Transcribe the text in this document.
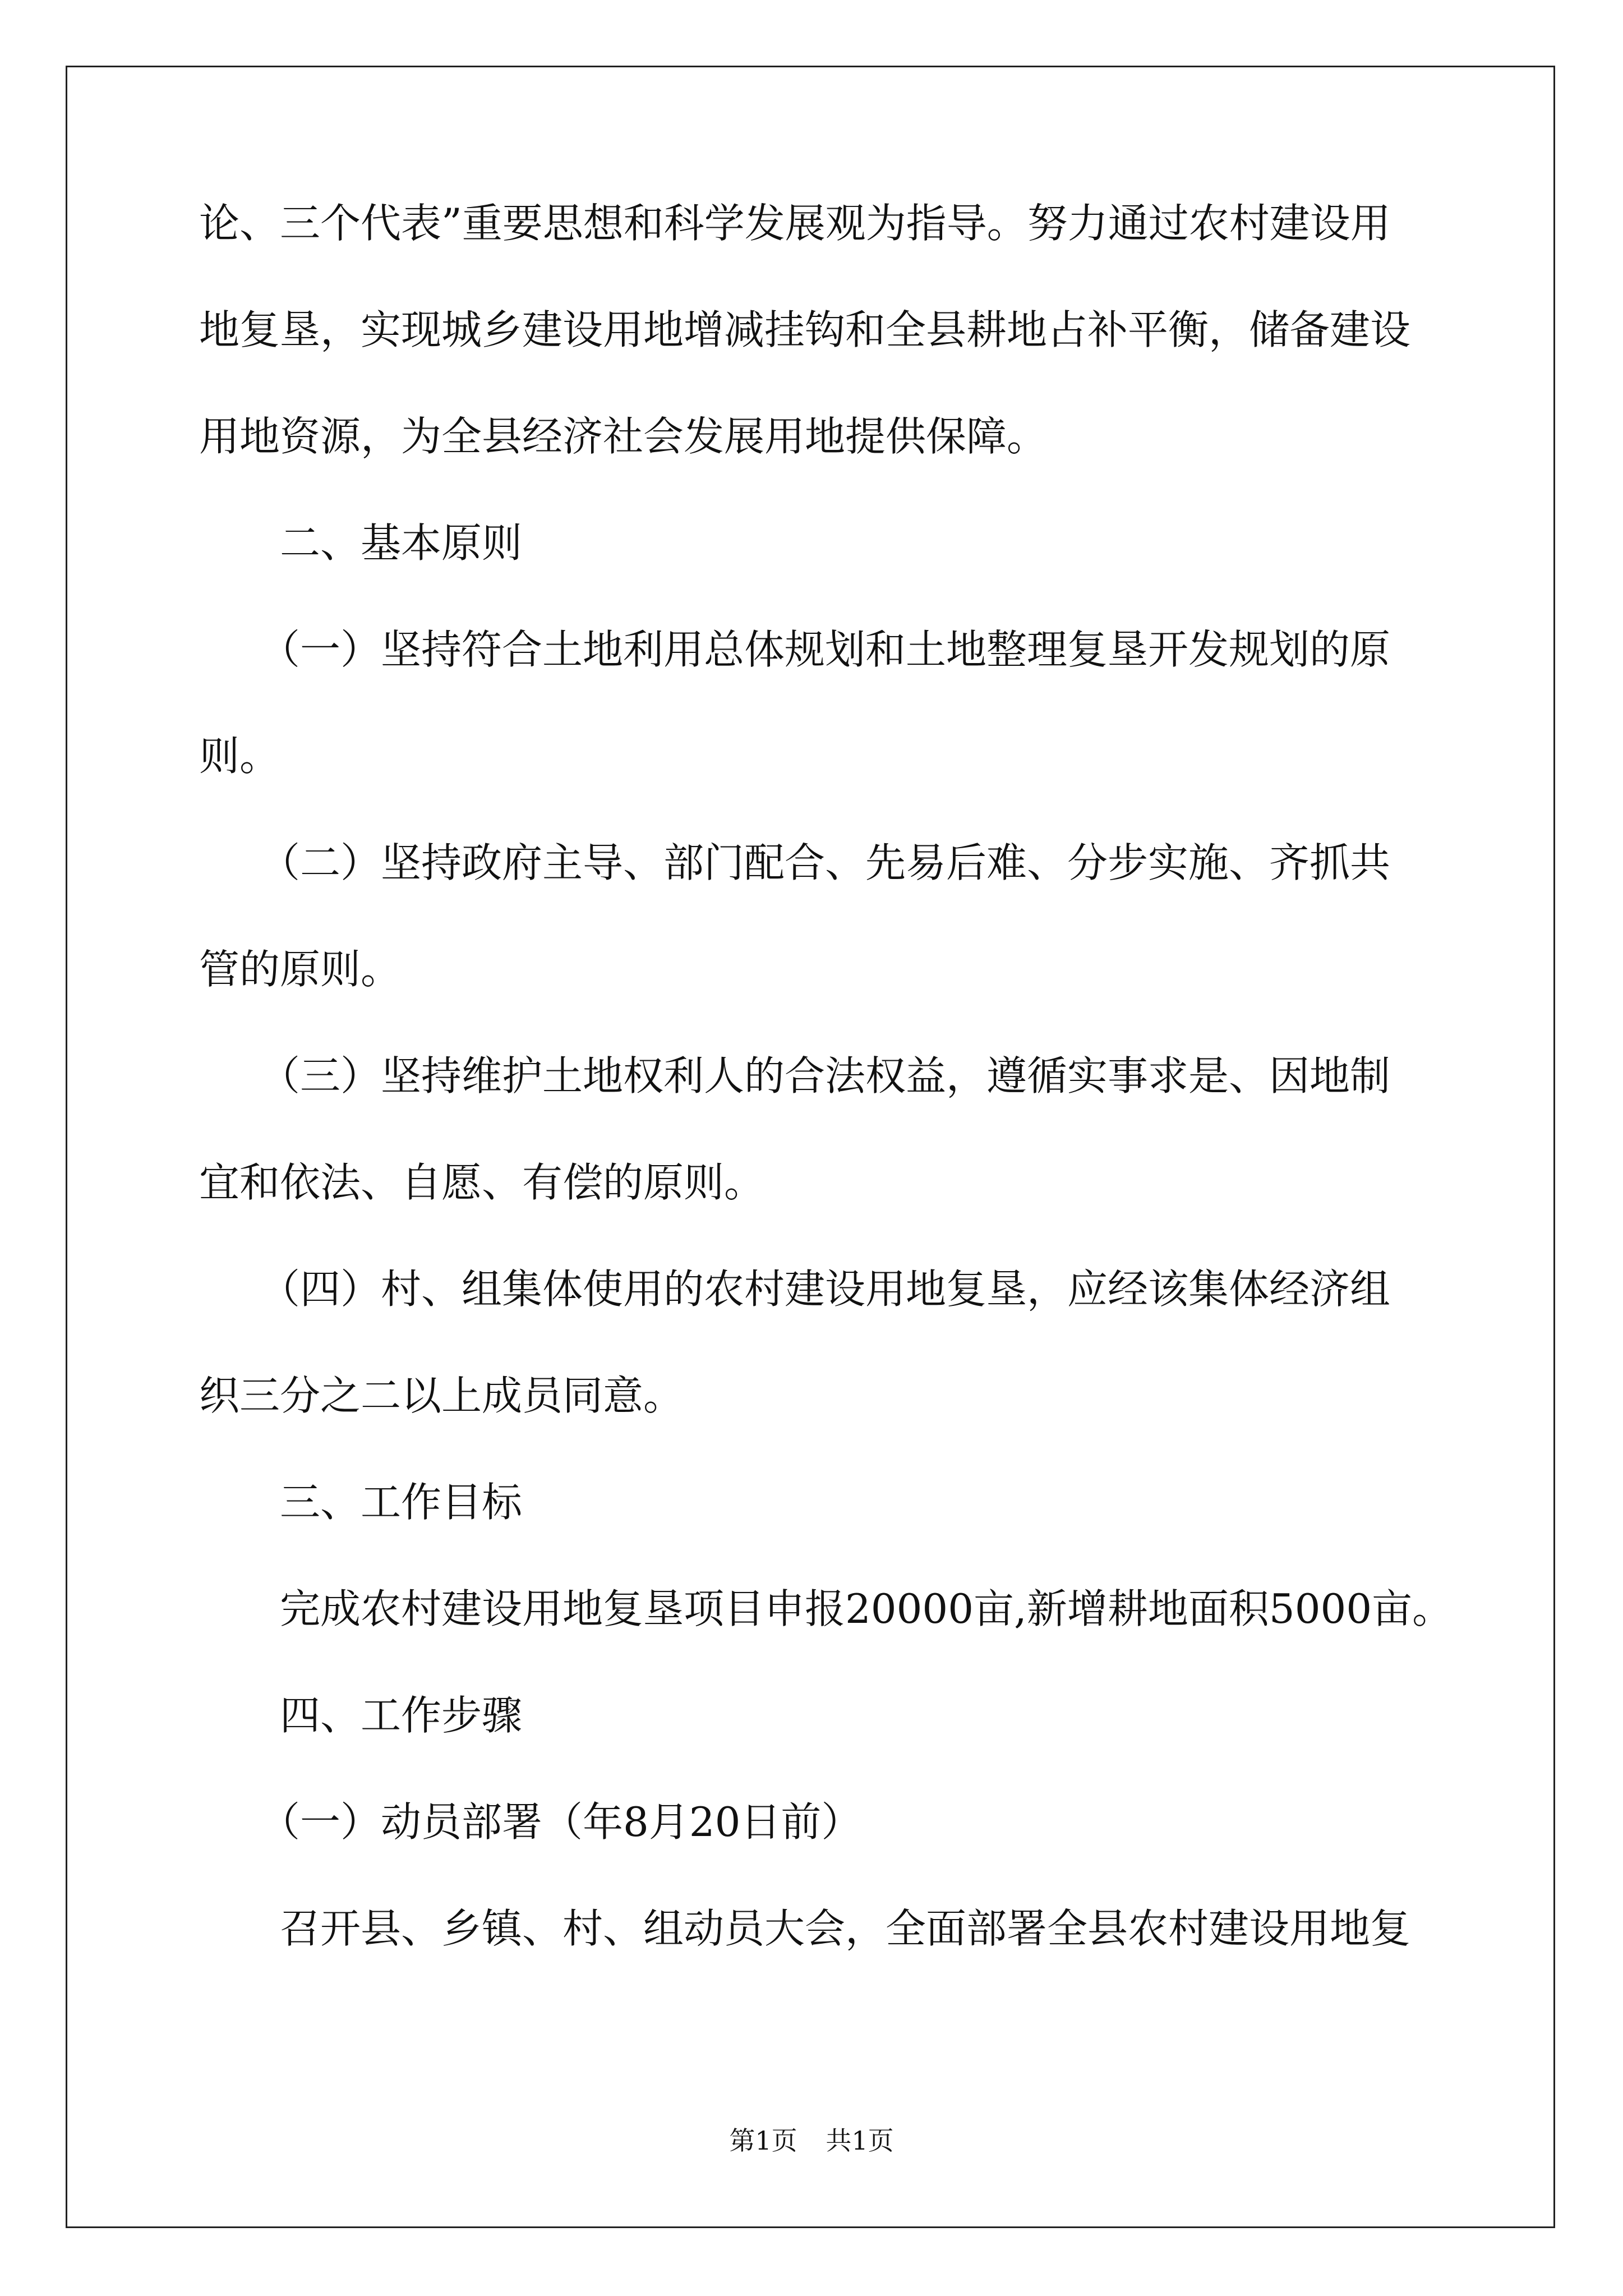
论、三个代表”重要思想和科学发展观为指导。努力通过农村建设用
地复垦，实现城乡建设用地增减挂钩和全县耕地占补平衡，储备建设
用地资源，为全县经济社会发展用地提供保障。
　　二、基本原则
　　（一）坚持符合土地利用总体规划和土地整理复垦开发规划的原
则。
　　（二）坚持政府主导、部门配合、先易后难、分步实施、齐抓共
管的原则。
　　（三）坚持维护土地权利人的合法权益，遵循实事求是、因地制
宜和依法、自愿、有偿的原则。
　　（四）村、组集体使用的农村建设用地复垦，应经该集体经济组
织三分之二以上成员同意。
　　三、工作目标
　　完成农村建设用地复垦项目申报20000亩,新增耕地面积5000亩。
　　四、工作步骤
　　（一）动员部署（年8月20日前）
　　召开县、乡镇、村、组动员大会，全面部署全县农村建设用地复
第1页 共1页
